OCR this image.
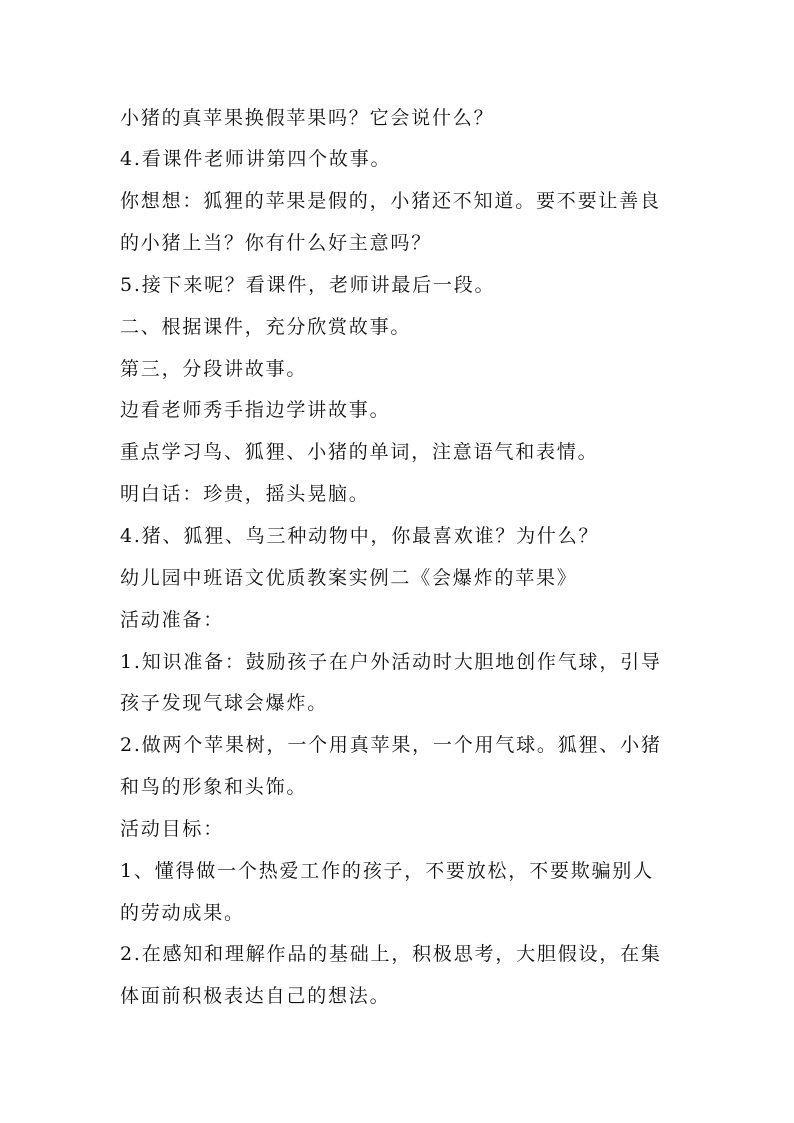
小猪的真苹果换假苹果吗？它会说什么？
4.看课件老师讲第四个故事。
你想想：狐狸的苹果是假的，小猪还不知道。要不要让善良
的小猪上当？你有什么好主意吗？
5.接下来呢？看课件，老师讲最后一段。
二、根据课件，充分欣赏故事。
第三，分段讲故事。
边看老师秀手指边学讲故事。
重点学习鸟、狐狸、小猪的单词，注意语气和表情。
明白话：珍贵，摇头晃脑。
4.猪、狐狸、鸟三种动物中，你最喜欢谁？为什么？
幼儿园中班语文优质教案实例二《会爆炸的苹果》
活动准备：
1.知识准备：鼓励孩子在户外活动时大胆地创作气球，引导
孩子发现气球会爆炸。
2.做两个苹果树，一个用真苹果，一个用气球。狐狸、小猪
和鸟的形象和头饰。
活动目标：
1、懂得做一个热爱工作的孩子，不要放松，不要欺骗别人
的劳动成果。
2.在感知和理解作品的基础上，积极思考，大胆假设，在集
体面前积极表达自己的想法。
